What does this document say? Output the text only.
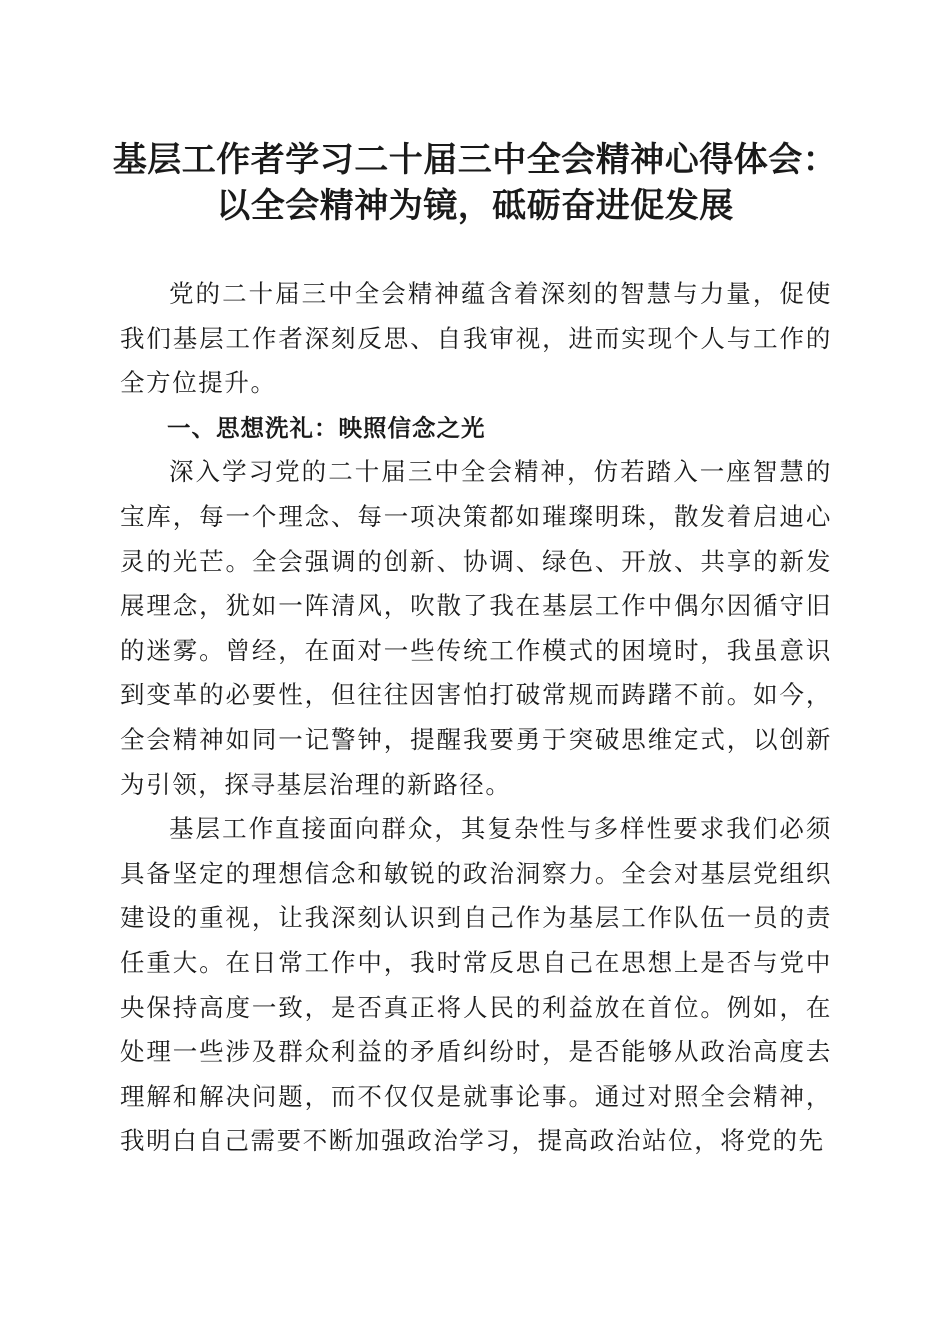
基层工作者学习二十届三中全会精神心得体会：
以全会精神为镜，砥砺奋进促发展

党的二十届三中全会精神蕴含着深刻的智慧与力量，促使我们基层工作者深刻反思、自我审视，进而实现个人与工作的全方位提升。

一、思想洗礼：映照信念之光

深入学习党的二十届三中全会精神，仿若踏入一座智慧的宝库，每一个理念、每一项决策都如璀璨明珠，散发着启迪心灵的光芒。全会强调的创新、协调、绿色、开放、共享的新发展理念，犹如一阵清风，吹散了我在基层工作中偶尔因循守旧的迷雾。曾经，在面对一些传统工作模式的困境时，我虽意识到变革的必要性，但往往因害怕打破常规而踌躇不前。如今，全会精神如同一记警钟，提醒我要勇于突破思维定式，以创新为引领，探寻基层治理的新路径。

基层工作直接面向群众，其复杂性与多样性要求我们必须具备坚定的理想信念和敏锐的政治洞察力。全会对基层党组织建设的重视，让我深刻认识到自己作为基层工作队伍一员的责任重大。在日常工作中，我时常反思自己在思想上是否与党中央保持高度一致，是否真正将人民的利益放在首位。例如，在处理一些涉及群众利益的矛盾纠纷时，是否能够从政治高度去理解和解决问题，而不仅仅是就事论事。通过对照全会精神，我明白自己需要不断加强政治学习，提高政治站位，将党的先
